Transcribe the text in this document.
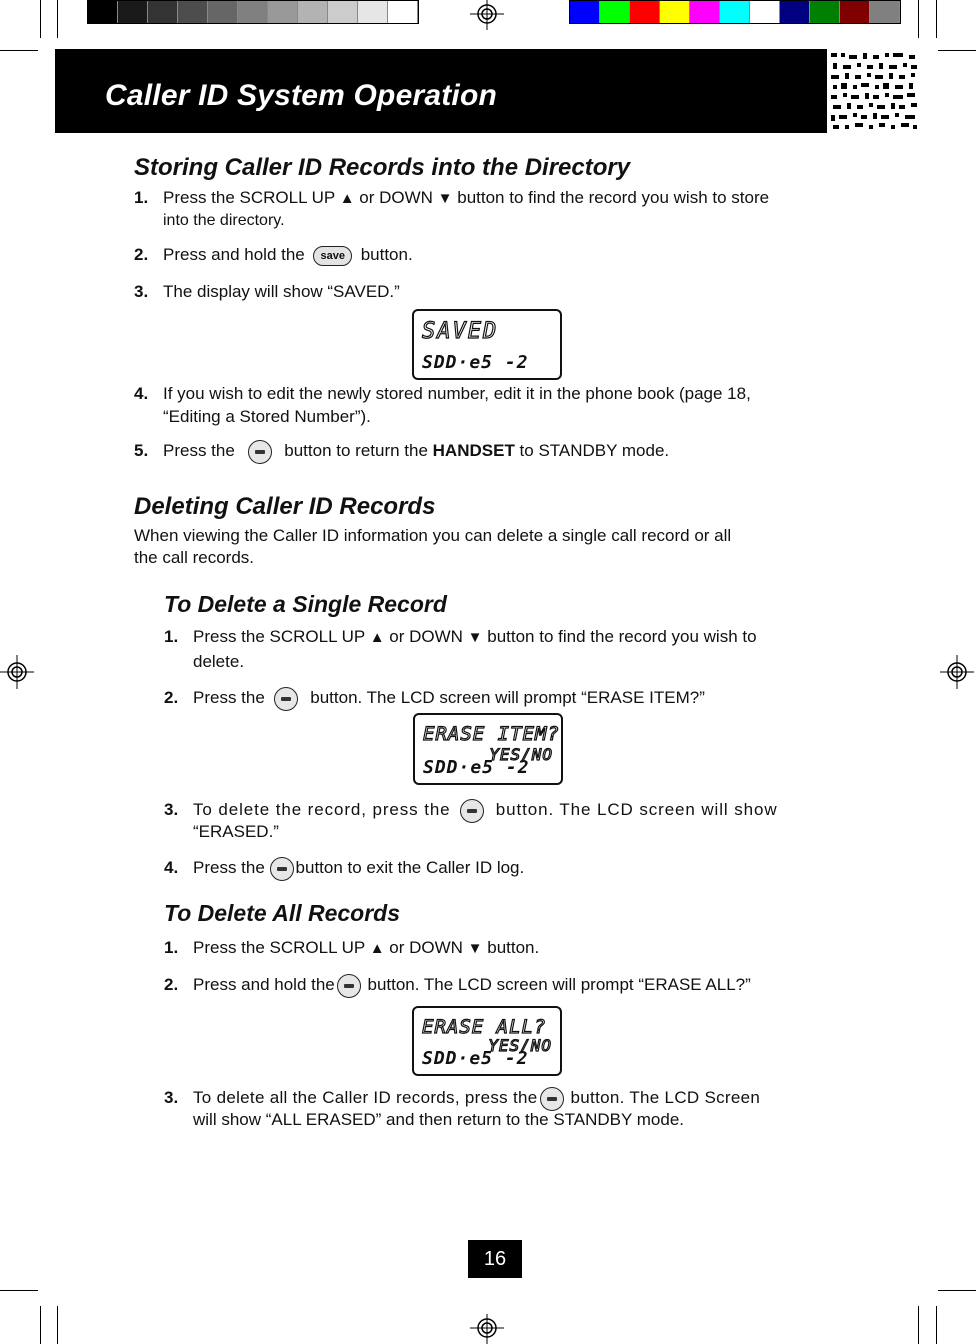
Caller ID System Operation
Storing Caller ID Records into the Directory
1. Press the SCROLL UP ▲ or DOWN ▼ button to find the record you wish to store
into the directory.
2. Press and hold the save button.
3. The display will show “SAVED.”
SAVED
SDD·e5 -2
4. If you wish to edit the newly stored number, edit it in the phone book (page 18,
“Editing a Stored Number”).
5. Press the  button to return the HANDSET to STANDBY mode.
Deleting Caller ID Records
When viewing the Caller ID information you can delete a single call record or all
the call records.
To Delete a Single Record
1. Press the SCROLL UP ▲ or DOWN ▼ button to find the record you wish to
delete.
2. Press the  button. The LCD screen will prompt “ERASE ITEM?”
ERASE ITEM?
YES/NO
SDD·e5 -2
3. To delete the record, press the  button. The LCD screen will show
“ERASED.”
4. Press the button to exit the Caller ID log.
To Delete All Records
1. Press the SCROLL UP ▲ or DOWN ▼ button.
2. Press and hold the button. The LCD screen will prompt “ERASE ALL?”
ERASE ALL?
YES/NO
SDD·e5 -2
3. To delete all the Caller ID records, press the button. The LCD Screen
will show “ALL ERASED” and then return to the STANDBY mode.
16
